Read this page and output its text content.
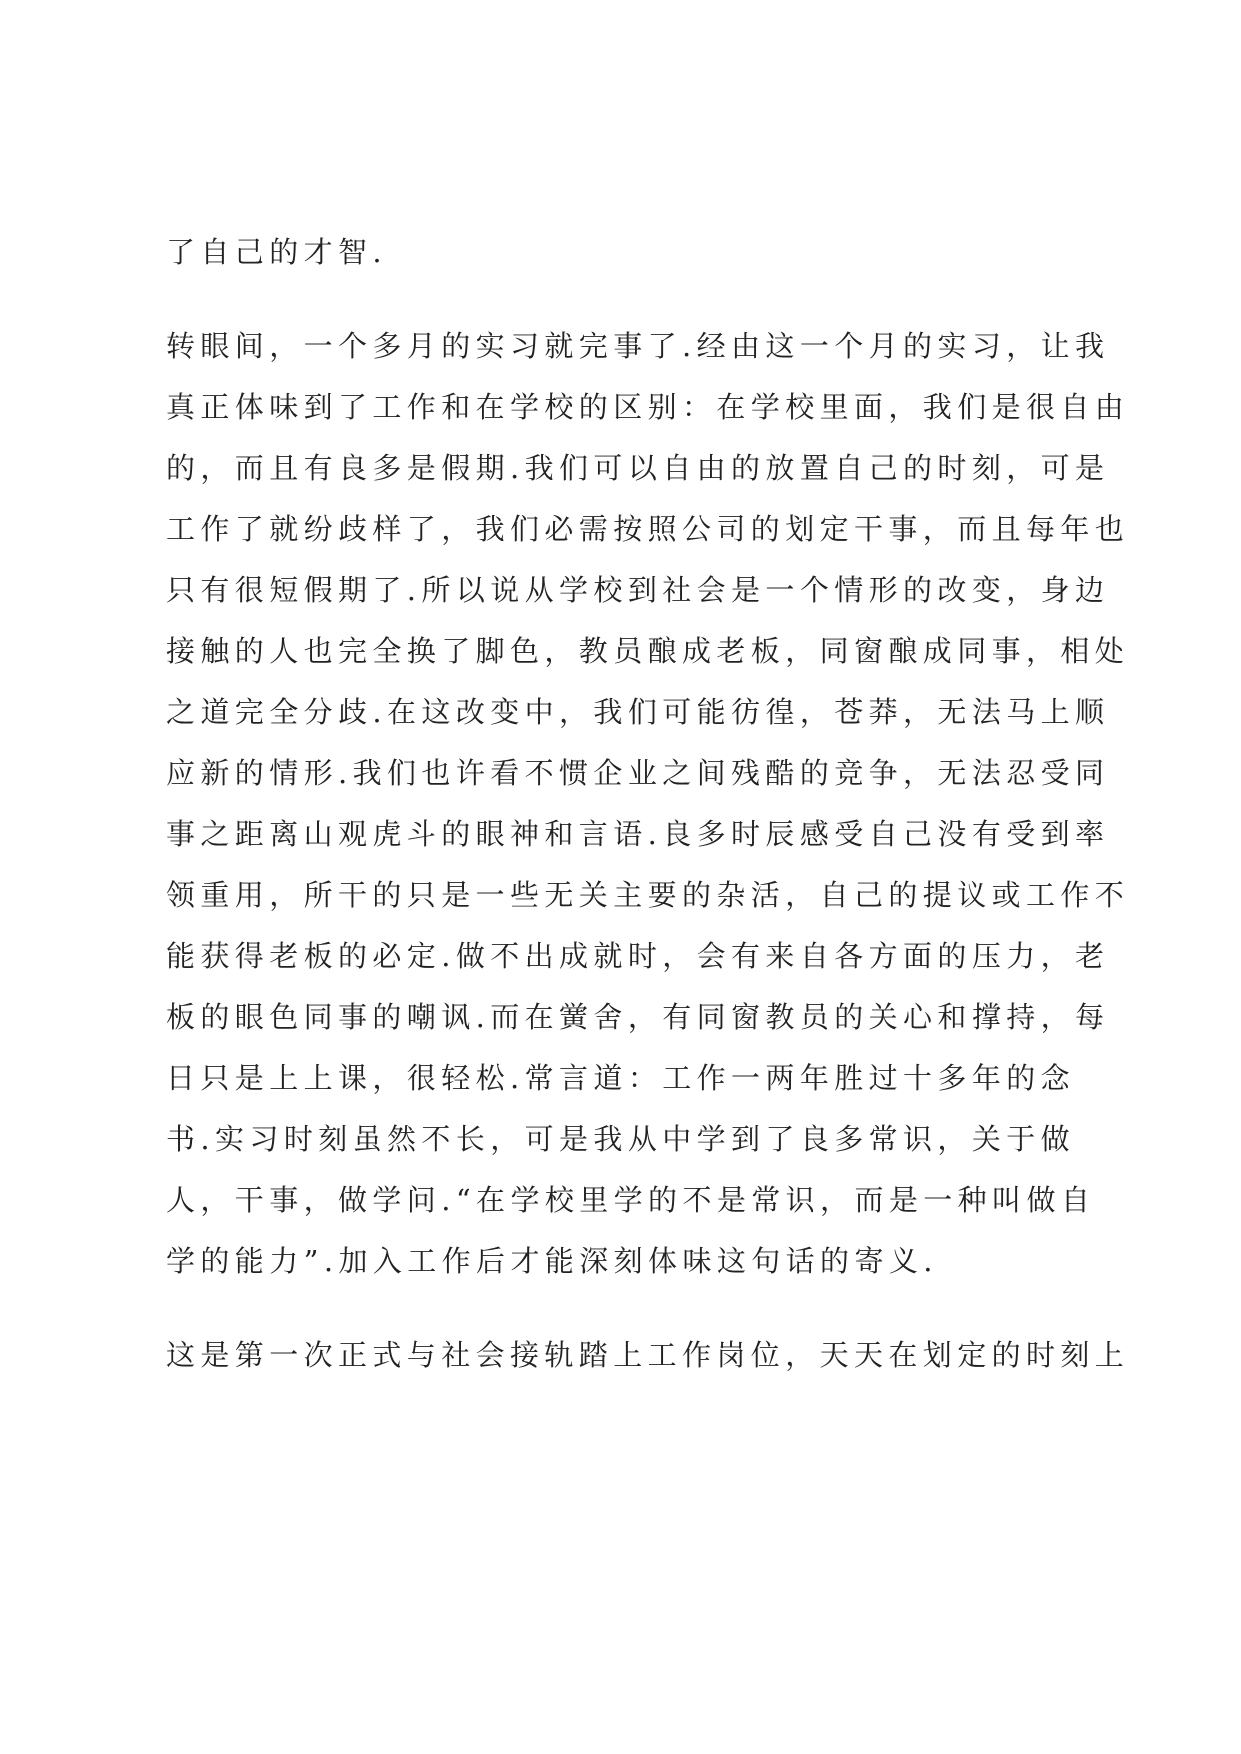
了自己的才智.
转眼间，一个多月的实习就完事了.经由这一个月的实习，让我
真正体味到了工作和在学校的区别：在学校里面，我们是很自由
的，而且有良多是假期.我们可以自由的放置自己的时刻，可是
工作了就纷歧样了，我们必需按照公司的划定干事，而且每年也
只有很短假期了.所以说从学校到社会是一个情形的改变，身边
接触的人也完全换了脚色，教员酿成老板，同窗酿成同事，相处
之道完全分歧.在这改变中，我们可能彷徨，苍莽，无法马上顺
应新的情形.我们也许看不惯企业之间残酷的竞争，无法忍受同
事之距离山观虎斗的眼神和言语.良多时辰感受自己没有受到率
领重用，所干的只是一些无关主要的杂活，自己的提议或工作不
能获得老板的必定.做不出成就时，会有来自各方面的压力，老
板的眼色同事的嘲讽.而在黉舍，有同窗教员的关心和撑持，每
日只是上上课，很轻松.常言道：工作一两年胜过十多年的念
书.实习时刻虽然不长，可是我从中学到了良多常识，关于做
人，干事，做学问.“在学校里学的不是常识，而是一种叫做自
学的能力”.加入工作后才能深刻体味这句话的寄义.
这是第一次正式与社会接轨踏上工作岗位，天天在划定的时刻上
